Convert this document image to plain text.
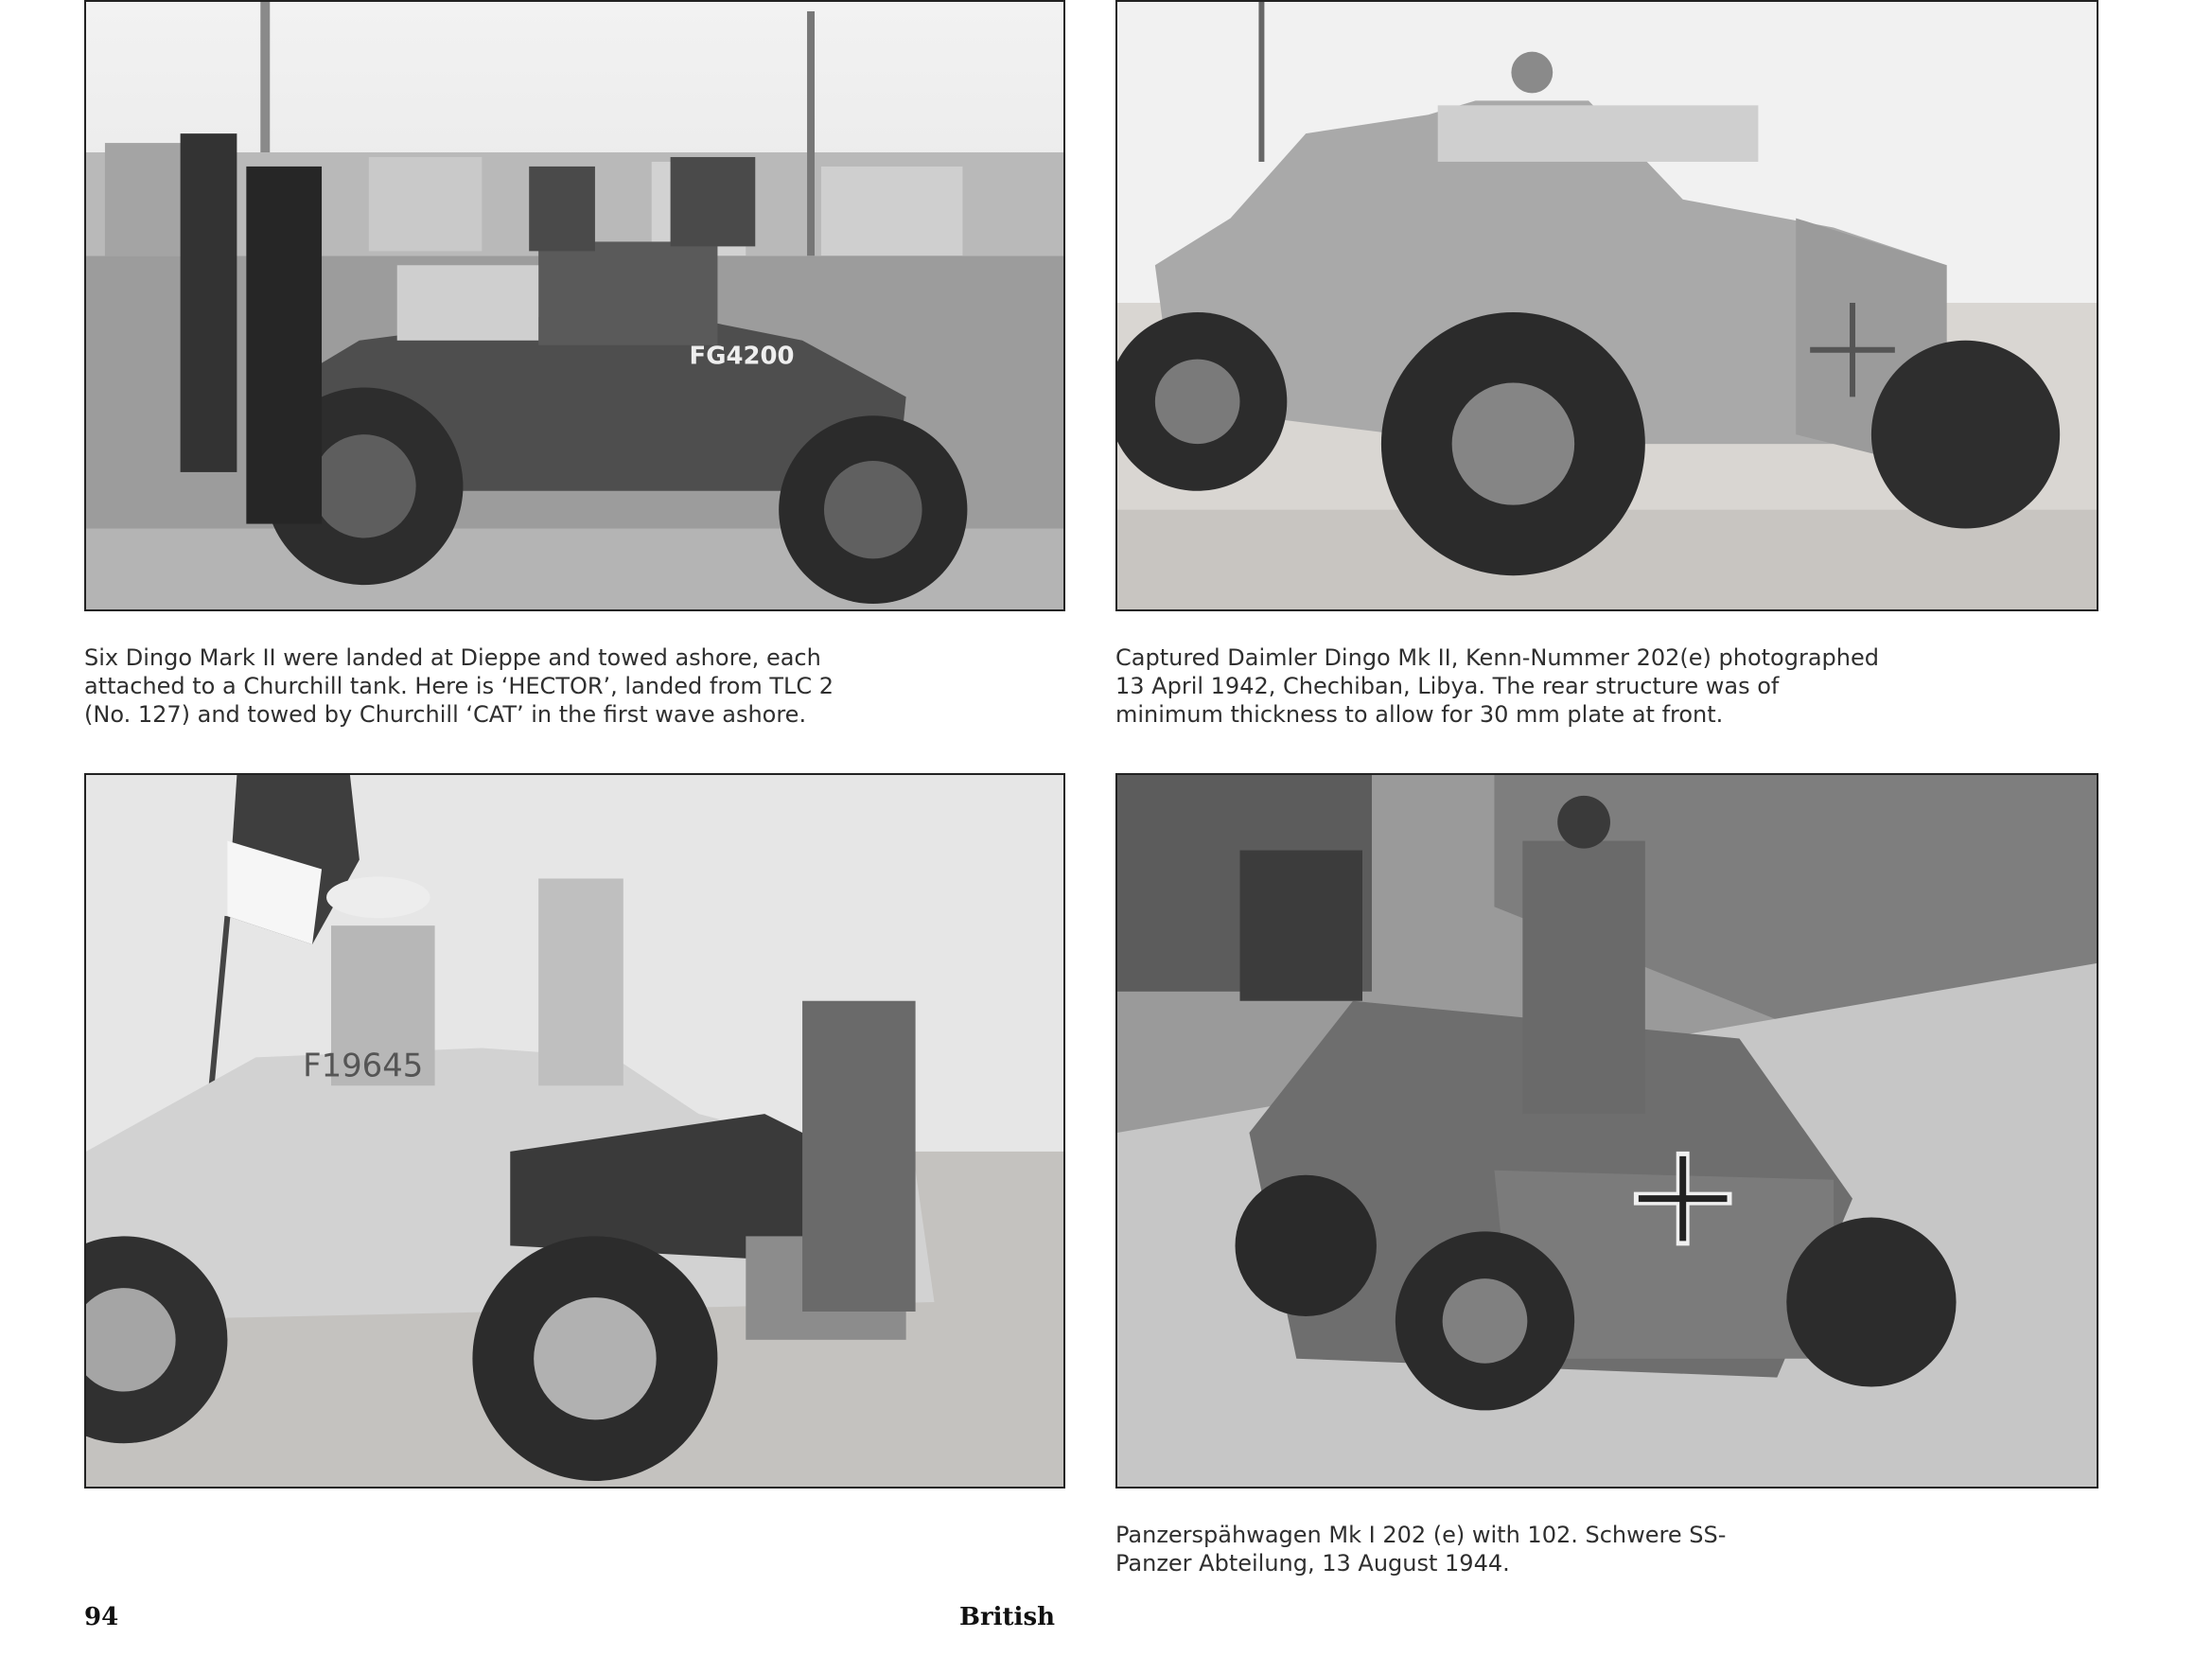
FG4200
F19645

Six Dingo Mark II were landed at Dieppe and towed ashore, each
attached to a Churchill tank. Here is ‘HECTOR’, landed from TLC 2
(No. 127) and towed by Churchill ‘CAT’ in the first wave ashore.

Captured Daimler Dingo Mk II, Kenn-Nummer 202(e) photographed
13 April 1942, Chechiban, Libya. The rear structure was of
minimum thickness to allow for 30 mm plate at front.

Panzerspähwagen Mk I 202 (e) with 102. Schwere SS-
Panzer Abteilung, 13 August 1944.

94	British
